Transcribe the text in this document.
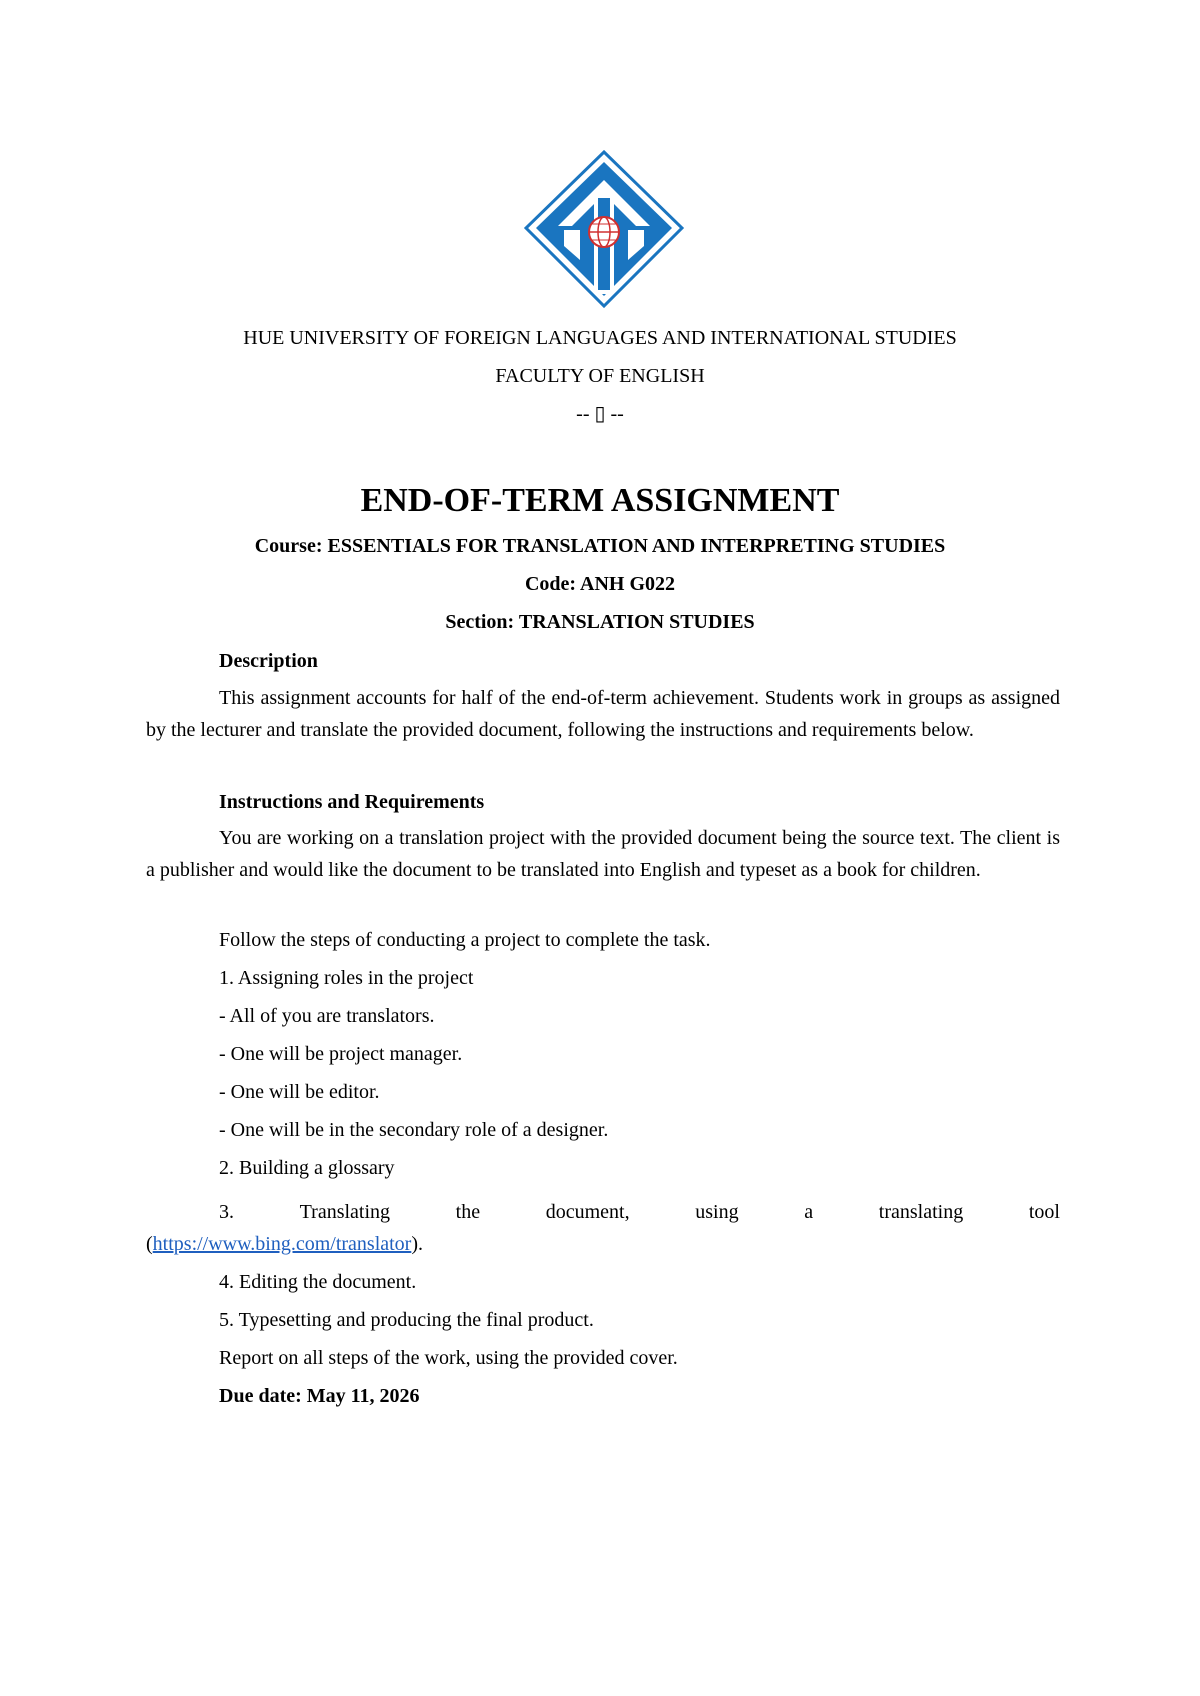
HUE UNIVERSITY OF FOREIGN LANGUAGES AND INTERNATIONAL STUDIES
FACULTY OF ENGLISH
-- ▯ --
END-OF-TERM ASSIGNMENT
Course: ESSENTIALS FOR TRANSLATION AND INTERPRETING STUDIES
Code: ANH G022
Section: TRANSLATION STUDIES
Description
This assignment accounts for half of the end-of-term achievement. Students work in groups as assigned by the lecturer and translate the provided document, following the instructions and requirements below.
Instructions and Requirements
You are working on a translation project with the provided document being the source text. The client is a publisher and would like the document to be translated into English and typeset as a book for children.
Follow the steps of conducting a project to complete the task.
1. Assigning roles in the project
- All of you are translators.
- One will be project manager.
- One will be editor.
- One will be in the secondary role of a designer.
2. Building a glossary
3.	Translating	the	document,	using	a	translating	tool
(https://www.bing.com/translator).
4. Editing the document.
5. Typesetting and producing the final product.
Report on all steps of the work, using the provided cover.
Due date: May 11, 2026
